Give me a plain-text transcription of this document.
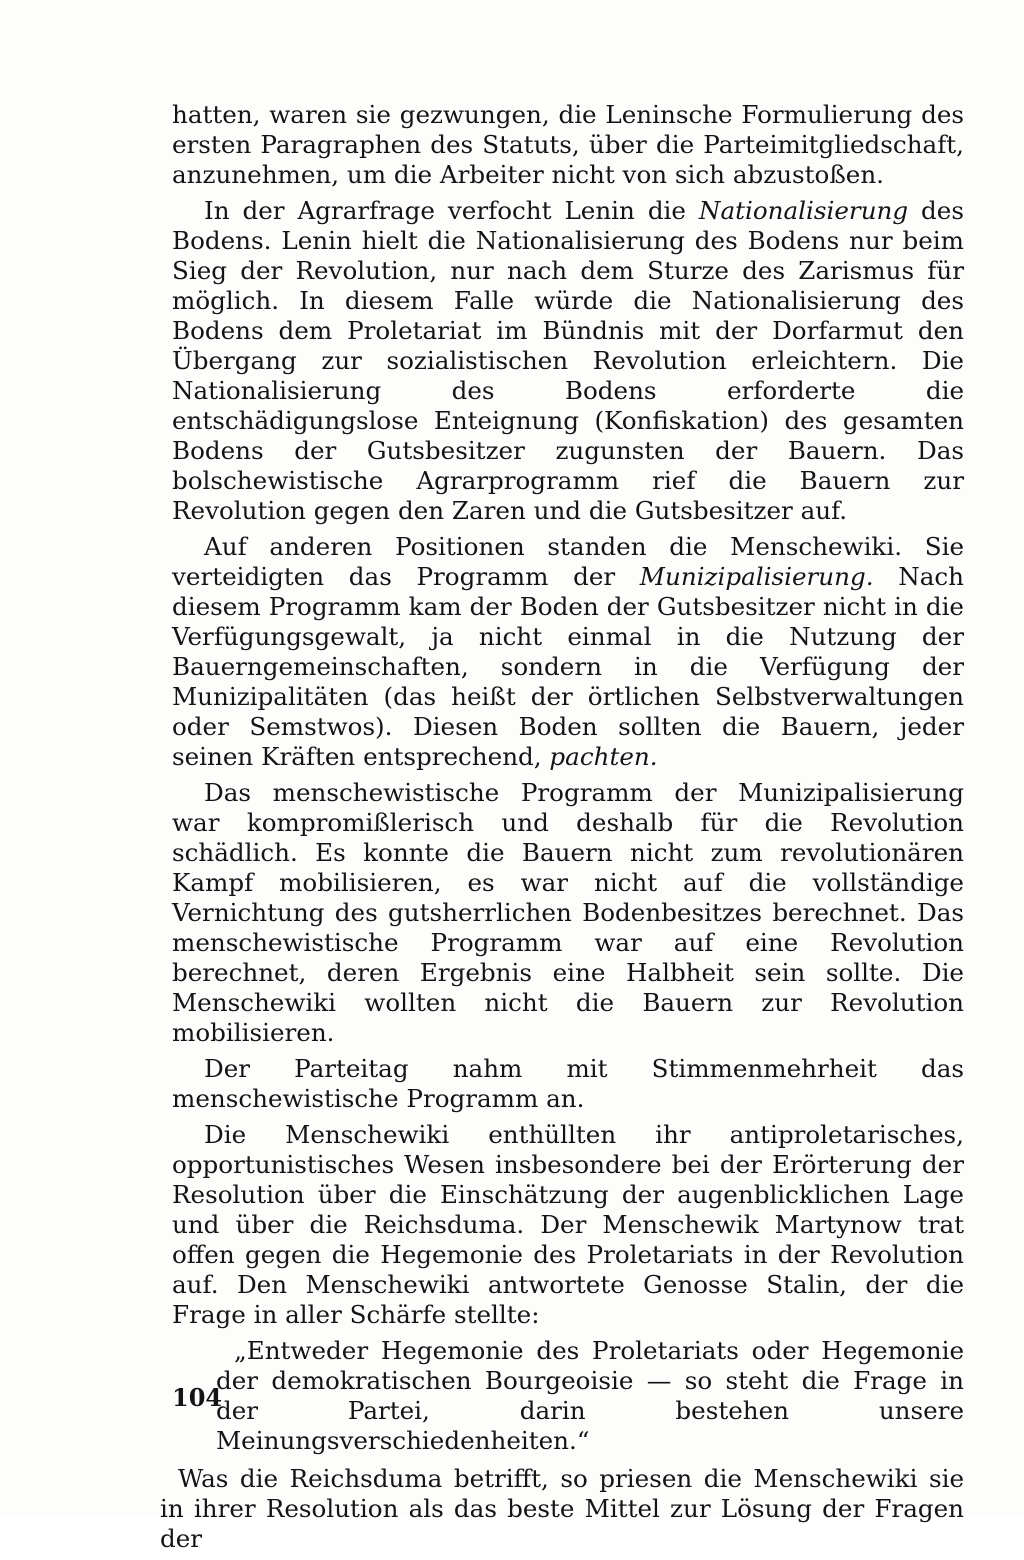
hatten, waren sie gezwungen, die Leninsche Formulierung des ersten Paragraphen des Statuts, über die Parteimitgliedschaft, anzunehmen, um die Arbeiter nicht von sich abzustoßen.

In der Agrarfrage verfocht Lenin die Nationalisierung des Bodens. Lenin hielt die Nationalisierung des Bodens nur beim Sieg der Revolution, nur nach dem Sturze des Zarismus für möglich. In diesem Falle würde die Nationalisierung des Bodens dem Proletariat im Bündnis mit der Dorfarmut den Übergang zur sozialistischen Revolution erleichtern. Die Nationalisierung des Bodens erforderte die entschädigungslose Enteignung (Konfiskation) des gesamten Bodens der Gutsbesitzer zugunsten der Bauern. Das bolschewistische Agrarprogramm rief die Bauern zur Revolution gegen den Zaren und die Gutsbesitzer auf.

Auf anderen Positionen standen die Menschewiki. Sie verteidigten das Programm der Munizipalisierung. Nach diesem Programm kam der Boden der Gutsbesitzer nicht in die Verfügungsgewalt, ja nicht einmal in die Nutzung der Bauerngemeinschaften, sondern in die Verfügung der Munizipalitäten (das heißt der örtlichen Selbstverwaltungen oder Semstwos). Diesen Boden sollten die Bauern, jeder seinen Kräften entsprechend, pachten.

Das menschewistische Programm der Munizipalisierung war kompromißlerisch und deshalb für die Revolution schädlich. Es konnte die Bauern nicht zum revolutionären Kampf mobilisieren, es war nicht auf die vollständige Vernichtung des gutsherrlichen Bodenbesitzes berechnet. Das menschewistische Programm war auf eine Revolution berechnet, deren Ergebnis eine Halbheit sein sollte. Die Menschewiki wollten nicht die Bauern zur Revolution mobilisieren.

Der Parteitag nahm mit Stimmenmehrheit das menschewistische Programm an.

Die Menschewiki enthüllten ihr antiproletarisches, opportunistisches Wesen insbesondere bei der Erörterung der Resolution über die Einschätzung der augenblicklichen Lage und über die Reichsduma. Der Menschewik Martynow trat offen gegen die Hegemonie des Proletariats in der Revolution auf. Den Menschewiki antwortete Genosse Stalin, der die Frage in aller Schärfe stellte:

„Entweder Hegemonie des Proletariats oder Hegemonie der demokratischen Bourgeoisie — so steht die Frage in der Partei, darin bestehen unsere Meinungsverschiedenheiten.“

Was die Reichsduma betrifft, so priesen die Menschewiki sie in ihrer Resolution als das beste Mittel zur Lösung der Fragen der

104
